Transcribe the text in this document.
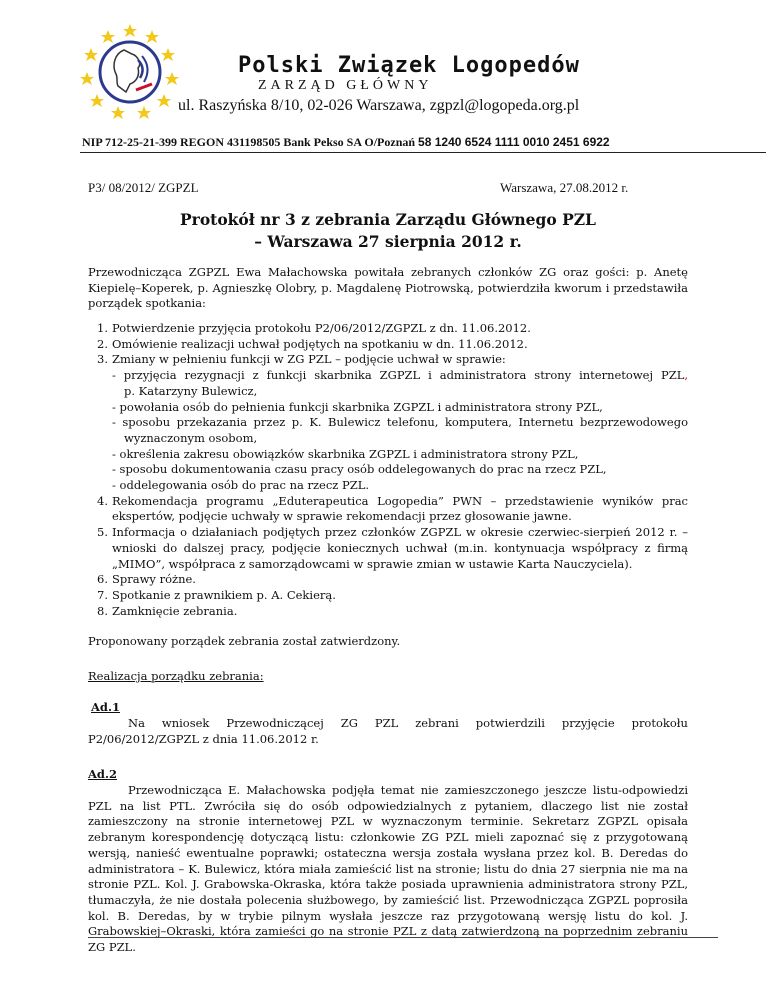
Polski Związek Logopedów
ZARZĄD GŁÓWNY
ul. Raszyńska 8/10, 02-026 Warszawa, zgpzl@logopeda.org.pl
NIP 712-25-21-399 REGON 431198505 Bank Pekso SA O/Poznań 58 1240 6524 1111 0010 2451 6922
P3/ 08/2012/ ZGPZL	Warszawa, 27.08.2012 r.
Protokół nr 3 z zebrania Zarządu Głównego PZL
– Warszawa 27 sierpnia 2012 r.
Przewodnicząca ZGPZL Ewa Małachowska powitała zebranych członków ZG oraz gości: p. Anetę Kiepielę–Koperek, p. Agnieszkę Olobry, p. Magdalenę Piotrowską, potwierdziła kworum i przedstawiła porządek spotkania:
1. Potwierdzenie przyjęcia protokołu P2/06/2012/ZGPZL z dn. 11.06.2012.
2. Omówienie realizacji uchwał podjętych na spotkaniu w dn. 11.06.2012.
3. Zmiany w pełnieniu funkcji w ZG PZL – podjęcie uchwał w sprawie:
- przyjęcia rezygnacji z funkcji skarbnika ZGPZL i administratora strony internetowej PZL,
p. Katarzyny Bulewicz,
- powołania osób do pełnienia funkcji skarbnika ZGPZL i administratora strony PZL,
- sposobu przekazania przez p. K. Bulewicz telefonu, komputera, Internetu bezprzewodowego
wyznaczonym osobom,
- określenia zakresu obowiązków skarbnika ZGPZL i administratora strony PZL,
- sposobu dokumentowania czasu pracy osób oddelegowanych do prac na rzecz PZL,
- oddelegowania osób do prac na rzecz PZL.
4. Rekomendacja programu „Eduterapeutica Logopedia” PWN – przedstawienie wyników prac ekspertów, podjęcie uchwały w sprawie rekomendacji przez głosowanie jawne.
5. Informacja o działaniach podjętych przez członków ZGPZL w okresie czerwiec-sierpień 2012 r. – wnioski do dalszej pracy, podjęcie koniecznych uchwał (m.in. kontynuacja współpracy z firmą „MIMO”, współpraca z samorządowcami w sprawie zmian w ustawie Karta Nauczyciela).
6. Sprawy różne.
7. Spotkanie z prawnikiem p. A. Cekierą.
8. Zamknięcie zebrania.
Proponowany porządek zebrania został zatwierdzony.
Realizacja porządku zebrania:
Ad.1
Na wniosek Przewodniczącej ZG PZL zebrani potwierdzili przyjęcie protokołu
P2/06/2012/ZGPZL z dnia 11.06.2012 r.
Ad.2
Przewodnicząca E. Małachowska podjęła temat nie zamieszczonego jeszcze listu-odpowiedzi PZL na list PTL. Zwróciła się do osób odpowiedzialnych z pytaniem, dlaczego list nie został zamieszczony na stronie internetowej PZL w wyznaczonym terminie. Sekretarz ZGPZL opisała zebranym korespondencję dotyczącą listu: członkowie ZG PZL mieli zapoznać się z przygotowaną wersją, nanieść ewentualne poprawki; ostateczna wersja została wysłana przez kol. B. Deredas do administratora – K. Bulewicz, która miała zamieścić list na stronie; listu do dnia 27 sierpnia nie ma na stronie PZL. Kol. J. Grabowska-Okraska, która także posiada uprawnienia administratora strony PZL, tłumaczyła, że nie dostała polecenia służbowego, by zamieścić list. Przewodnicząca ZGPZL poprosiła kol. B. Deredas, by w trybie pilnym wysłała jeszcze raz przygotowaną wersję listu do kol. J. Grabowskiej–Okraski, która zamieści go na stronie PZL z datą zatwierdzoną na poprzednim zebraniu ZG PZL.
